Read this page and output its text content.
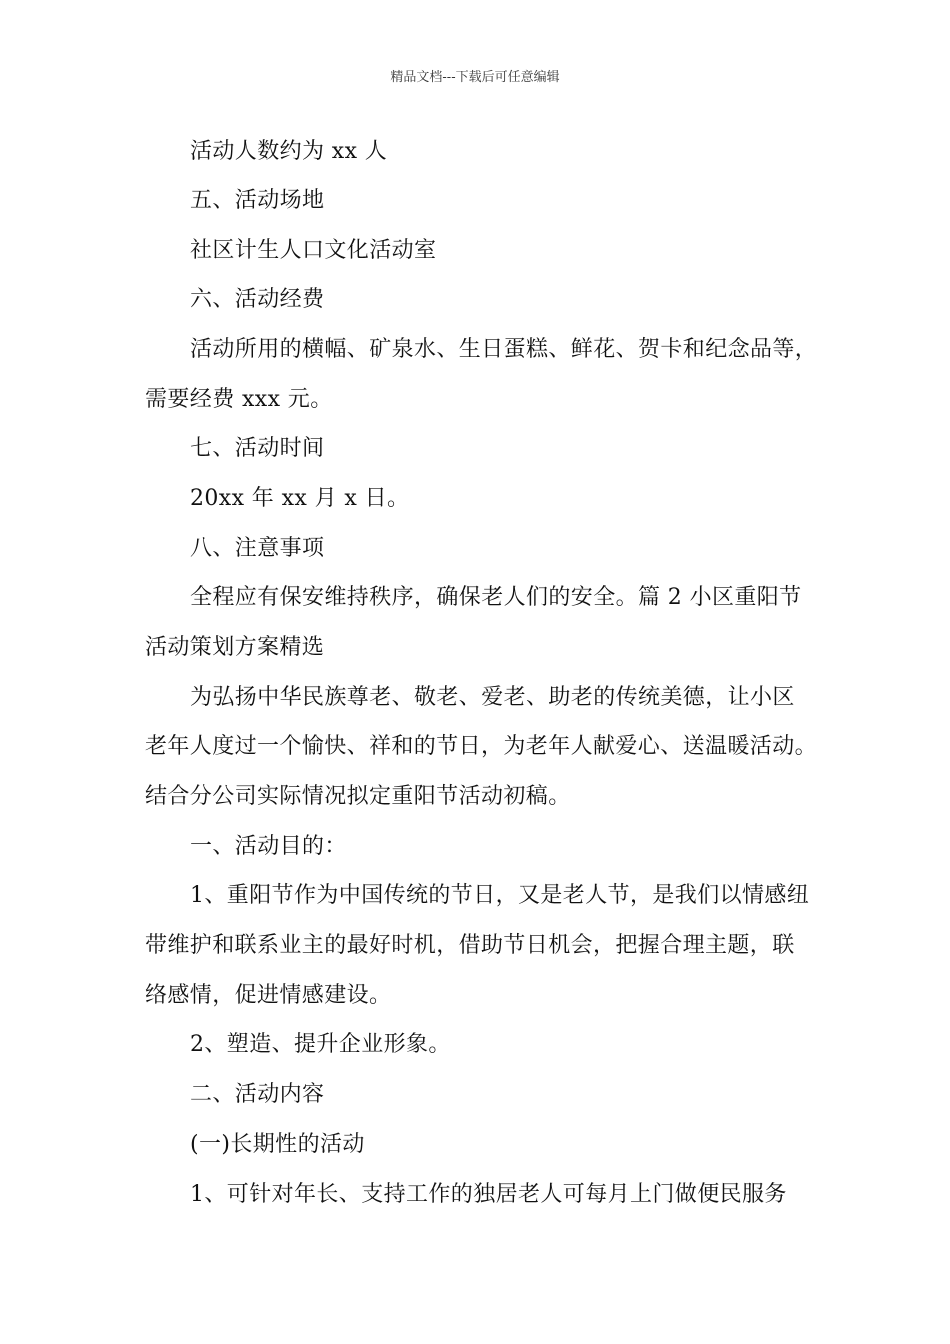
精品文档---下载后可任意编辑
活动人数约为 xx 人
五、活动场地
社区计生人口文化活动室
六、活动经费
活动所用的横幅、矿泉水、生日蛋糕、鲜花、贺卡和纪念品等，
需要经费 xxx 元。
七、活动时间
20xx 年 xx 月 x 日。
八、注意事项
全程应有保安维持秩序，确保老人们的安全。篇 2 小区重阳节
活动策划方案精选
为弘扬中华民族尊老、敬老、爱老、助老的传统美德，让小区
老年人度过一个愉快、祥和的节日，为老年人献爱心、送温暖活动。
结合分公司实际情况拟定重阳节活动初稿。
一、活动目的：
1、重阳节作为中国传统的节日，又是老人节，是我们以情感纽
带维护和联系业主的最好时机，借助节日机会，把握合理主题，联
络感情，促进情感建设。
2、塑造、提升企业形象。
二、活动内容
(一)长期性的活动
1、可针对年长、支持工作的独居老人可每月上门做便民服务
